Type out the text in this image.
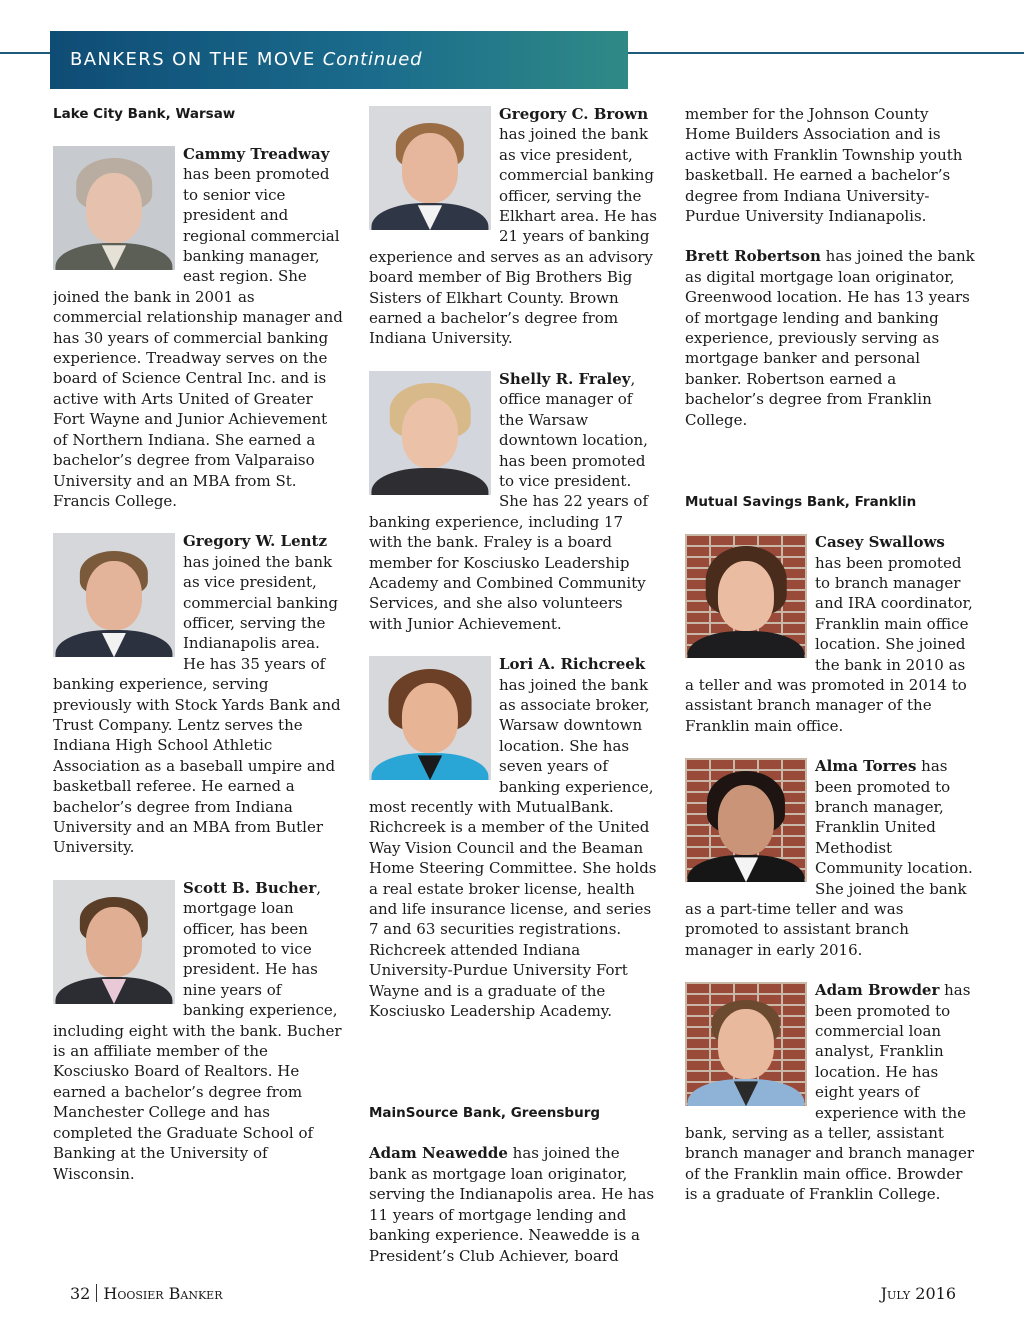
BANKERS ON THE MOVE Continued

Lake City Bank, Warsaw

Cammy Treadway has been promoted to senior vice president and regional commercial banking manager, east region. She joined the bank in 2001 as commercial relationship manager and has 30 years of commercial banking experience. Treadway serves on the board of Science Central Inc. and is active with Arts United of Greater Fort Wayne and Junior Achievement of Northern Indiana. She earned a bachelor’s degree from Valparaiso University and an MBA from St. Francis College.

Gregory W. Lentz has joined the bank as vice president, commercial banking officer, serving the Indianapolis area. He has 35 years of banking experience, serving previously with Stock Yards Bank and Trust Company. Lentz serves the Indiana High School Athletic Association as a baseball umpire and basketball referee. He earned a bachelor’s degree from Indiana University and an MBA from Butler University.

Scott B. Bucher, mortgage loan officer, has been promoted to vice president. He has nine years of banking experience, including eight with the bank. Bucher is an affiliate member of the Kosciusko Board of Realtors. He earned a bachelor’s degree from Manchester College and has completed the Graduate School of Banking at the University of Wisconsin.

Gregory C. Brown has joined the bank as vice president, commercial banking officer, serving the Elkhart area. He has 21 years of banking experience and serves as an advisory board member of Big Brothers Big Sisters of Elkhart County. Brown earned a bachelor’s degree from Indiana University.

Shelly R. Fraley, office manager of the Warsaw downtown location, has been promoted to vice president. She has 22 years of banking experience, including 17 with the bank. Fraley is a board member for Kosciusko Leadership Academy and Combined Community Services, and she also volunteers with Junior Achievement.

Lori A. Richcreek has joined the bank as associate broker, Warsaw downtown location. She has seven years of banking experience, most recently with MutualBank. Richcreek is a member of the United Way Vision Council and the Beaman Home Steering Committee. She holds a real estate broker license, health and life insurance license, and series 7 and 63 securities registrations. Richcreek attended Indiana University-Purdue University Fort Wayne and is a graduate of the Kosciusko Leadership Academy.

MainSource Bank, Greensburg

Adam Neawedde has joined the bank as mortgage loan originator, serving the Indianapolis area. He has 11 years of mortgage lending and banking experience. Neawedde is a President’s Club Achiever, board

member for the Johnson County Home Builders Association and is active with Franklin Township youth basketball. He earned a bachelor’s degree from Indiana University-Purdue University Indianapolis.

Brett Robertson has joined the bank as digital mortgage loan originator, Greenwood location. He has 13 years of mortgage lending and banking experience, previously serving as mortgage banker and personal banker. Robertson earned a bachelor’s degree from Franklin College.

Mutual Savings Bank, Franklin

Casey Swallows has been promoted to branch manager and IRA coordinator, Franklin main office location. She joined the bank in 2010 as a teller and was promoted in 2014 to assistant branch manager of the Franklin main office.

Alma Torres has been promoted to branch manager, Franklin United Methodist Community location. She joined the bank as a part-time teller and was promoted to assistant branch manager in early 2016.

Adam Browder has been promoted to commercial loan analyst, Franklin location. He has eight years of experience with the bank, serving as a teller, assistant branch manager and branch manager of the Franklin main office. Browder is a graduate of Franklin College.

32 Hoosier Banker	July 2016
